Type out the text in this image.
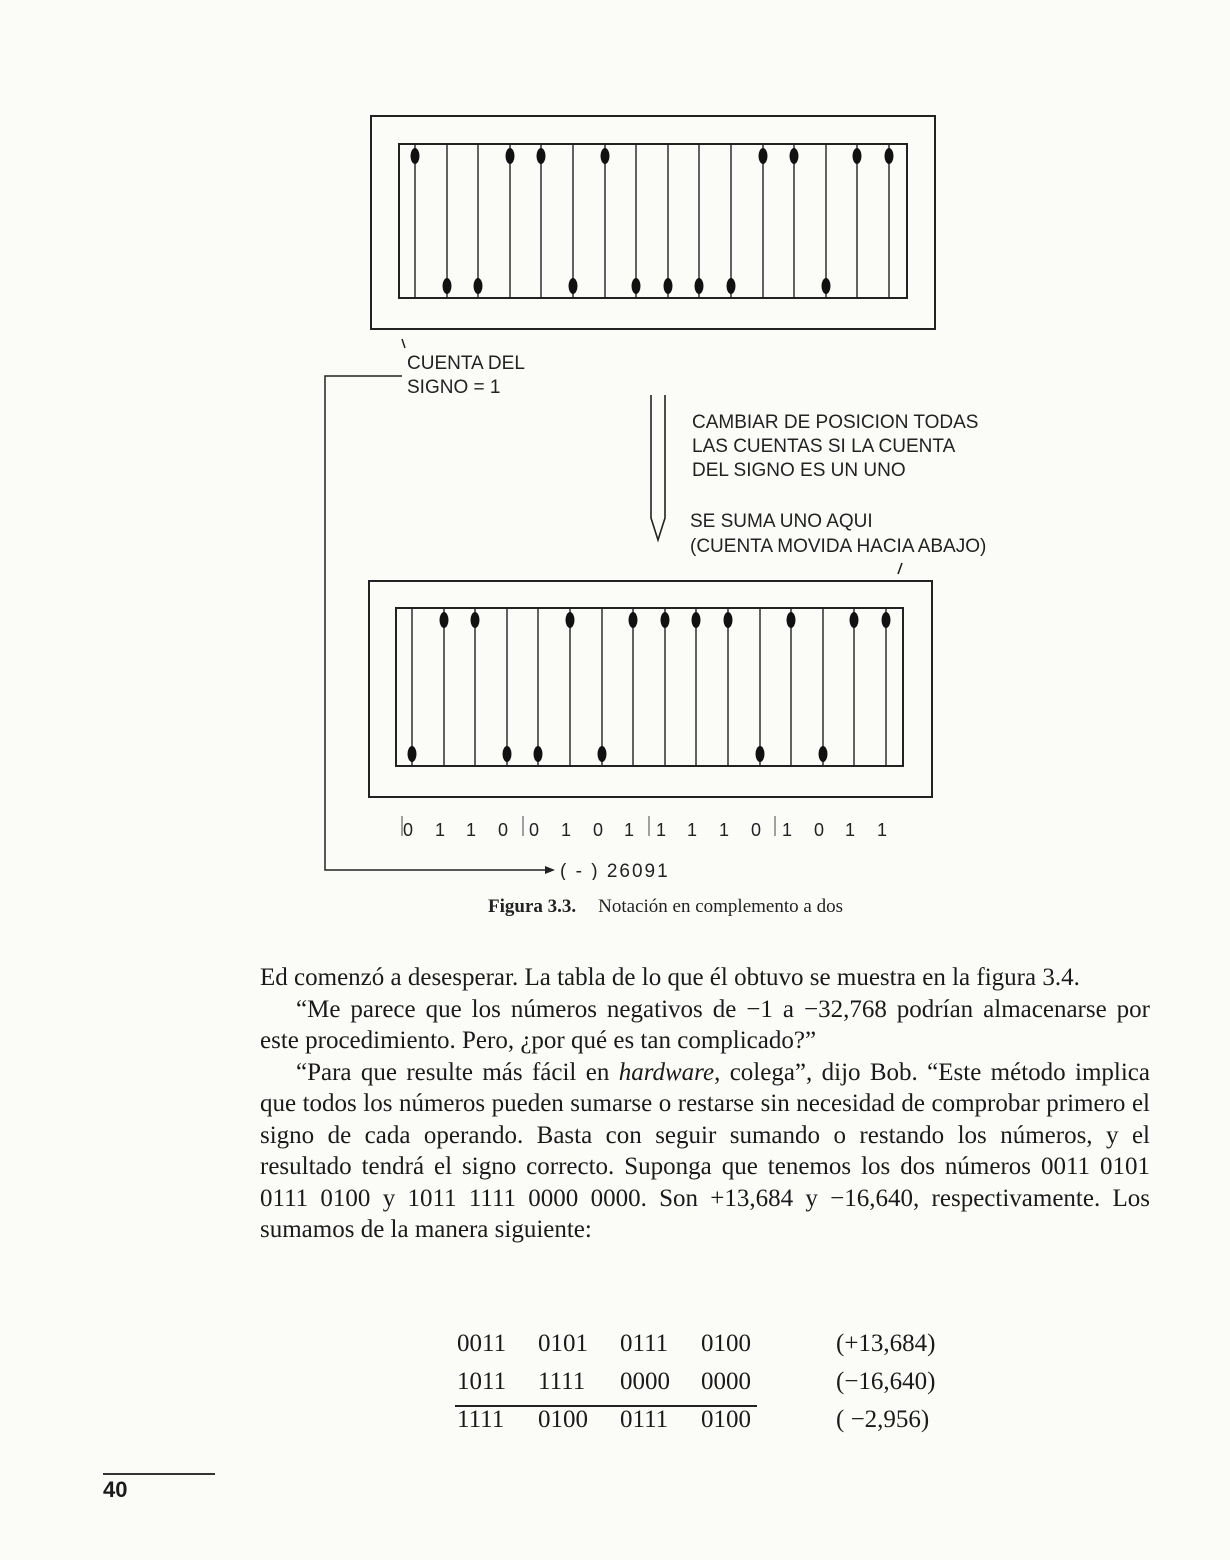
CUENTA DEL
SIGNO = 1
CAMBIAR DE POSICION TODAS
LAS CUENTAS SI LA CUENTA
DEL SIGNO ES UN UNO
SE SUMA UNO AQUI
(CUENTA MOVIDA HACIA ABAJO)
0 1 1 0 0 1 0 1 1 1 1 0 1 0 1 1
( - ) 26091
Figura 3.3. Notación en complemento a dos

Ed comenzó a desesperar. La tabla de lo que él obtuvo se muestra en la figura 3.4.

“Me parece que los números negativos de −1 a −32,768 podrían almacenarse por este procedimiento. Pero, ¿por qué es tan complicado?”

“Para que resulte más fácil en hardware, colega”, dijo Bob. “Este método implica que todos los números pueden sumarse o restarse sin necesidad de comprobar primero el signo de cada operando. Basta con seguir sumando o restando los números, y el resultado tendrá el signo correcto. Suponga que tenemos los dos números 0011 0101 0111 0100 y 1011 1111 0000 0000. Son +13,684 y −16,640, respectivamente. Los sumamos de la manera siguiente:

0011 0101 0111 0100	(+13,684)
1011 1111 0000 0000	(−16,640)
1111 0100 0111 0100	( −2,956)
40
